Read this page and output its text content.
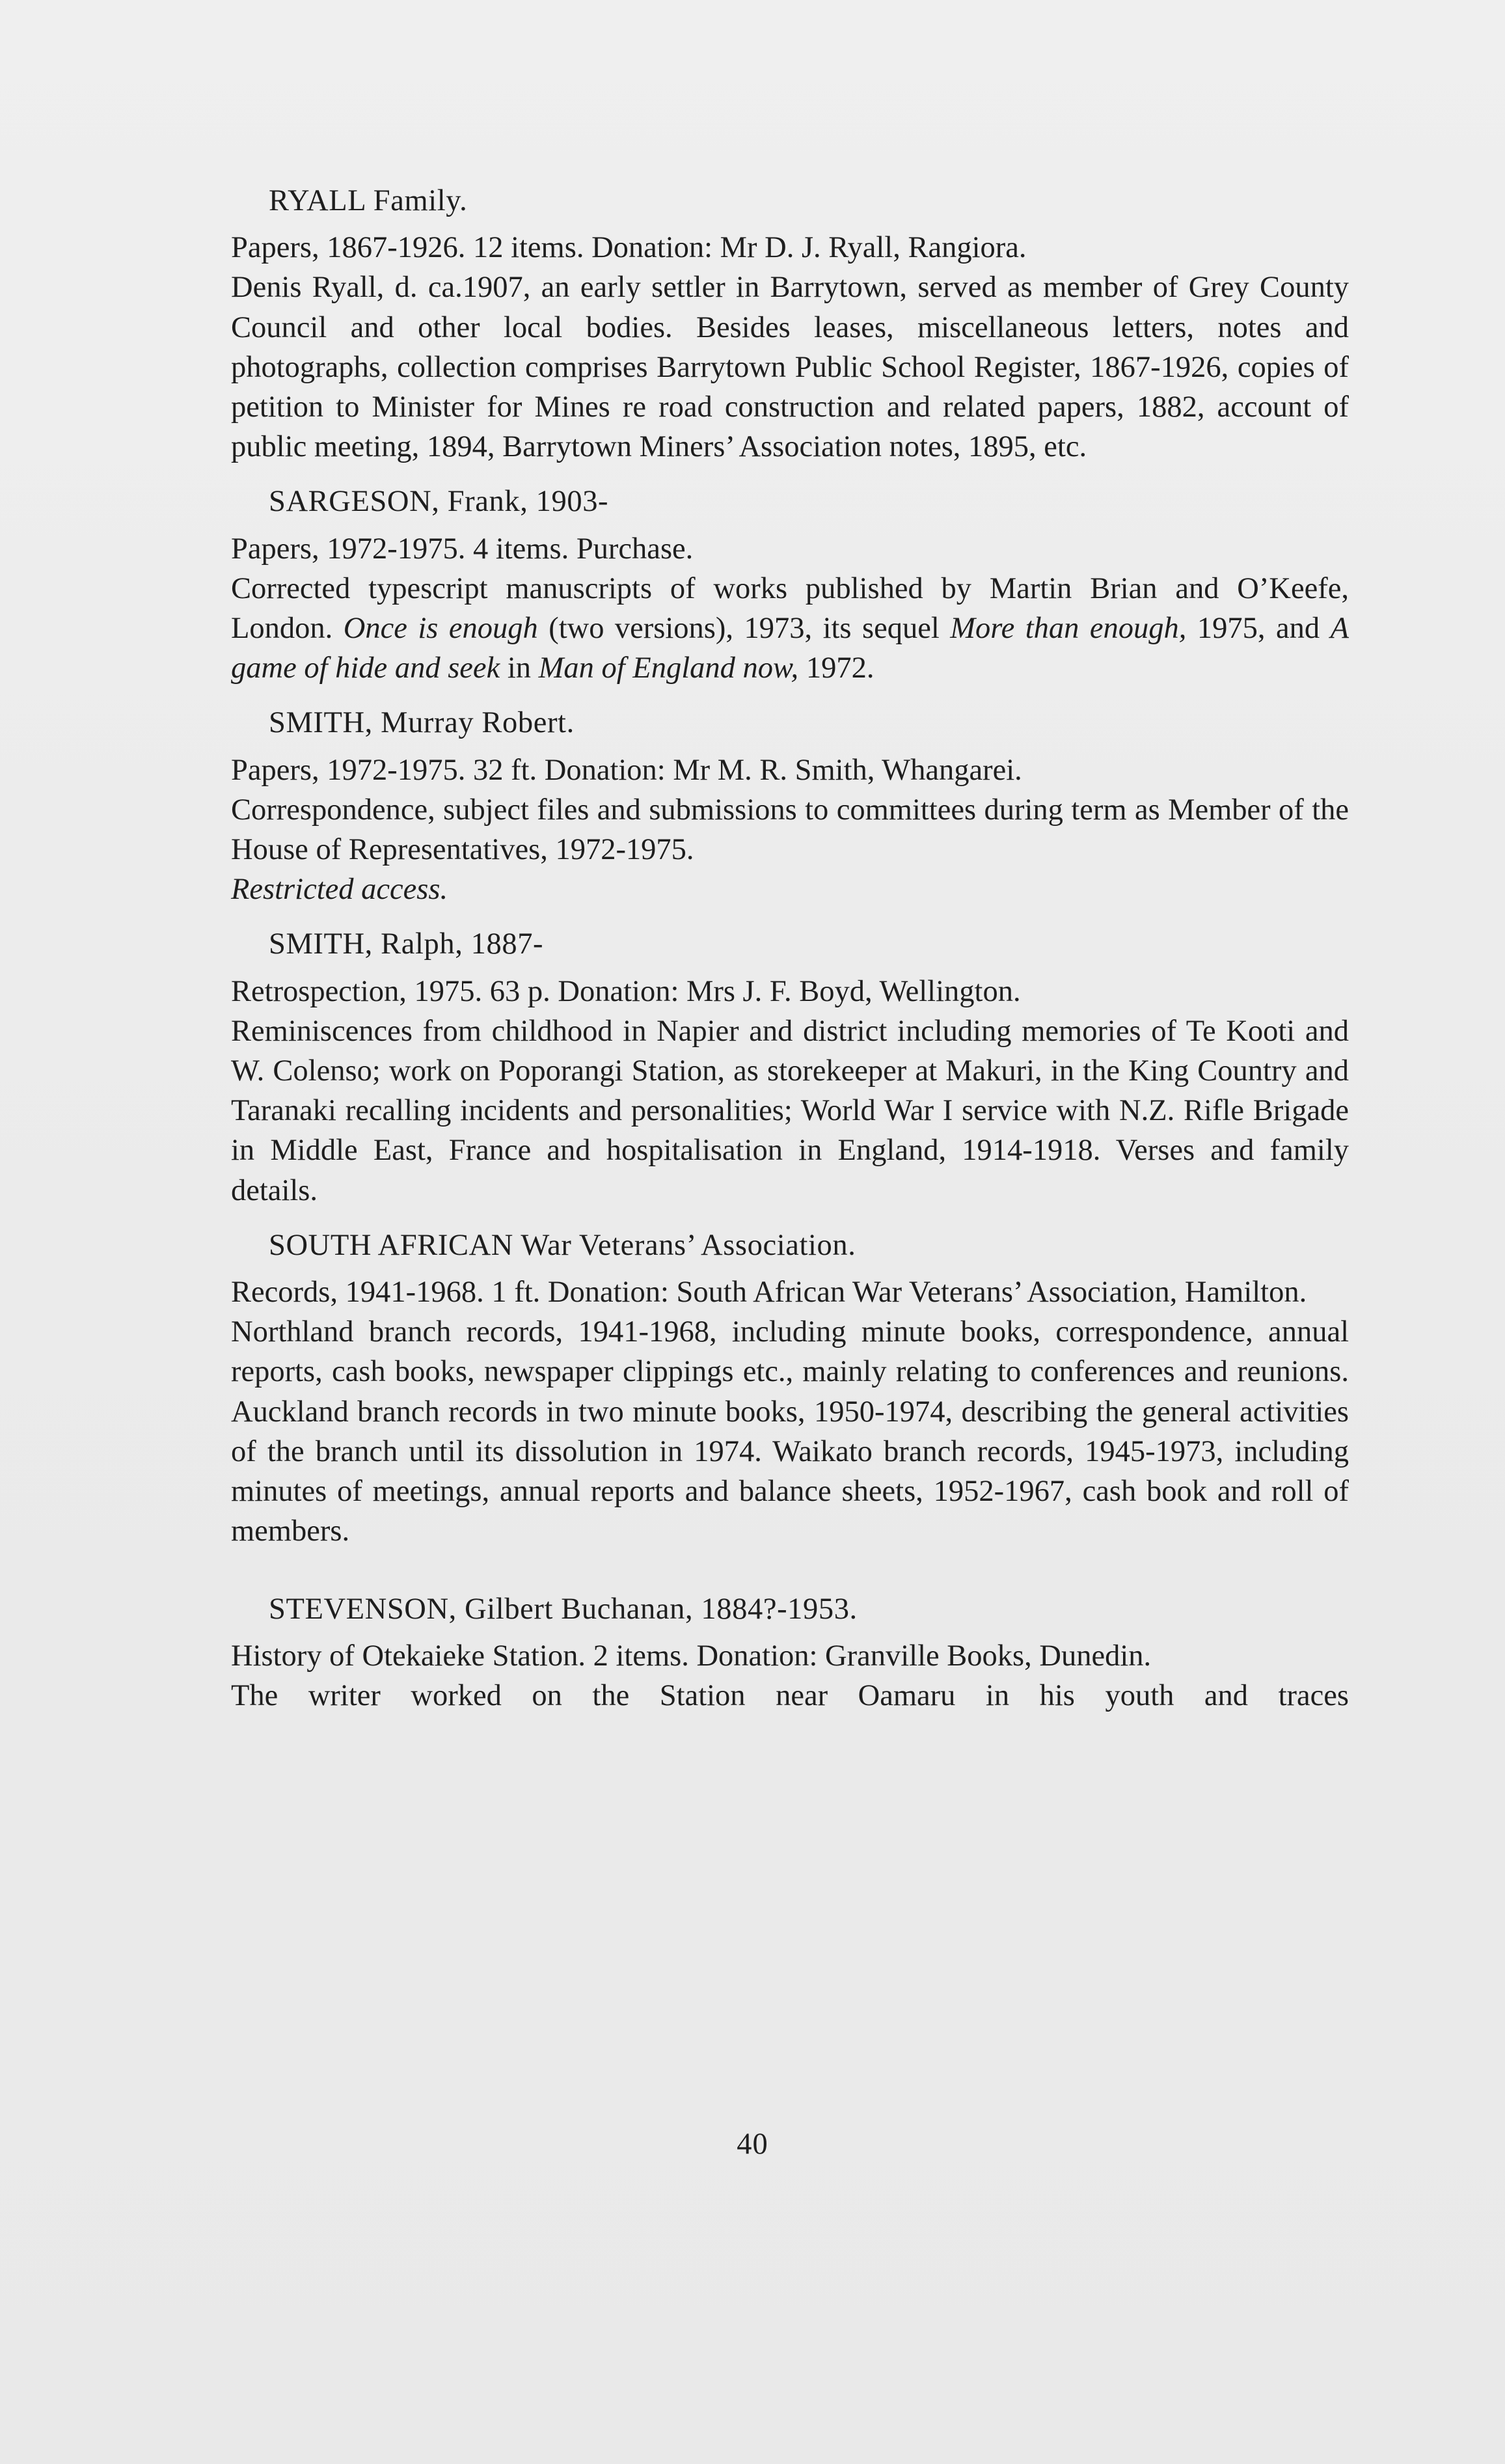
RYALL Family.
Papers, 1867-1926. 12 items. Donation: Mr D. J. Ryall, Rangiora.
Denis Ryall, d. ca.1907, an early settler in Barrytown, served as member of Grey County Council and other local bodies. Besides leases, miscellaneous letters, notes and photographs, collection comprises Barrytown Public School Register, 1867-1926, copies of petition to Minister for Mines re road construction and related papers, 1882, account of public meeting, 1894, Barrytown Miners’ Association notes, 1895, etc.
SARGESON, Frank, 1903-
Papers, 1972-1975. 4 items. Purchase.
Corrected typescript manuscripts of works published by Martin Brian and O’Keefe, London. Once is enough (two versions), 1973, its sequel More than enough, 1975, and A game of hide and seek in Man of England now, 1972.
SMITH, Murray Robert.
Papers, 1972-1975. 32 ft. Donation: Mr M. R. Smith, Whangarei.
Correspondence, subject files and submissions to committees during term as Member of the House of Representatives, 1972-1975.
Restricted access.
SMITH, Ralph, 1887-
Retrospection, 1975. 63 p. Donation: Mrs J. F. Boyd, Wellington.
Reminiscences from childhood in Napier and district including memories of Te Kooti and W. Colenso; work on Poporangi Station, as storekeeper at Makuri, in the King Country and Taranaki recalling incidents and personalities; World War I service with N.Z. Rifle Brigade in Middle East, France and hospitalisation in England, 1914-1918. Verses and family details.
SOUTH AFRICAN War Veterans’ Association.
Records, 1941-1968. 1 ft. Donation: South African War Veterans’ Association, Hamilton.
Northland branch records, 1941-1968, including minute books, correspondence, annual reports, cash books, newspaper clippings etc., mainly relating to conferences and reunions. Auckland branch records in two minute books, 1950-1974, describing the general activities of the branch until its dissolution in 1974. Waikato branch records, 1945-1973, including minutes of meetings, annual reports and balance sheets, 1952-1967, cash book and roll of members.
STEVENSON, Gilbert Buchanan, 1884?-1953.
History of Otekaieke Station. 2 items. Donation: Granville Books, Dunedin.
The writer worked on the Station near Oamaru in his youth and traces
40
